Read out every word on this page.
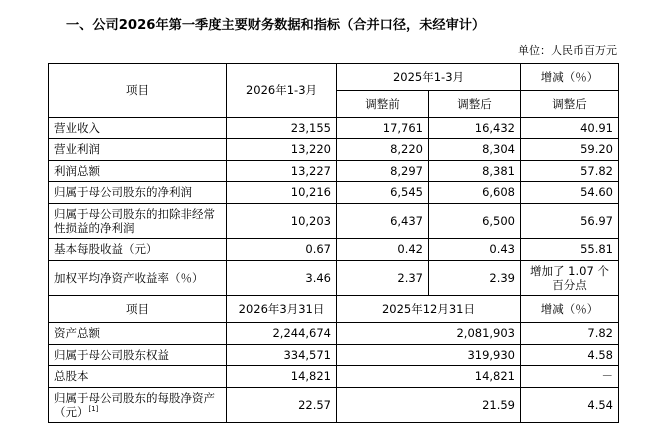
一、公司2026年第一季度主要财务数据和指标（合并口径，未经审计）
单位：人民币百万元
项目	2026年1-3月	2025年1-3月		增减（％）
		调整前	调整后	调整后
营业收入	23,155	17,761	16,432	40.91
营业利润	13,220	8,220	8,304	59.20
利润总额	13,227	8,297	8,381	57.82
归属于母公司股东的净利润	10,216	6,545	6,608	54.60
归属于母公司股东的扣除非经常性损益的净利润	10,203	6,437	6,500	56.97
基本每股收益（元）	0.67	0.42	0.43	55.81
加权平均净资产收益率（％）	3.46	2.37	2.39	增加了 1.07 个百分点
项目	2026年3月31日	2025年12月31日		增减（％）
资产总额	2,244,674	2,081,903		7.82
归属于母公司股东权益	334,571	319,930		4.58
总股本	14,821	14,821		－
归属于母公司股东的每股净资产（元）[1]	22.57	21.59		4.54
